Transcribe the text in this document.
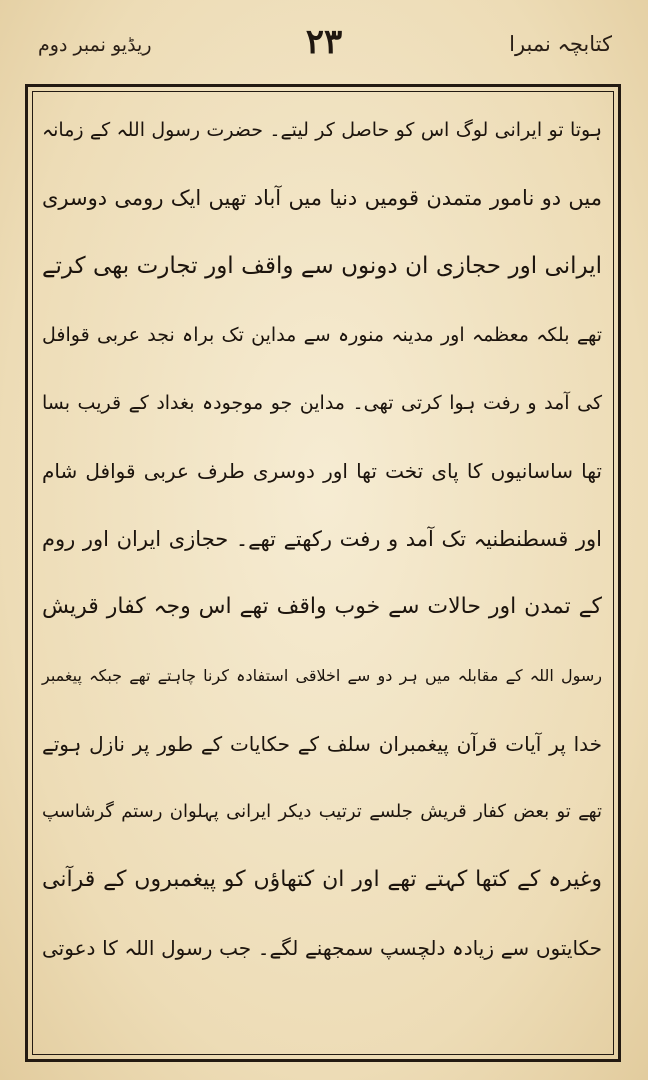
ریڈیو نمبر دوم	۲۳	کتابچہ نمبرا
ہوتا تو ایرانی لوگ اس کو حاصل کر لیتے۔ حضرت رسول اللہ کے زمانہ
میں دو نامور متمدن قومیں دنیا میں آباد تھیں ایک رومی دوسری
ایرانی اور حجازی ان دونوں سے واقف اور تجارت بھی کرتے
تھے بلکہ معظمہ اور مدینہ منورہ سے مداین تک براہ نجد عربی قوافل
کی آمد و رفت ہوا کرتی تھی۔ مداین جو موجودہ بغداد کے قریب بسا
تھا ساسانیوں کا پای تخت تھا اور دوسری طرف عربی قوافل شام
اور قسطنطنیہ تک آمد و رفت رکھتے تھے۔ حجازی ایران اور روم
کے تمدن اور حالات سے خوب واقف تھے اس وجہ کفار قریش
رسول اللہ کے مقابلہ میں ہر دو سے اخلاقی استفادہ کرنا چاہتے تھے جبکہ پیغمبر
خدا پر آیات قرآن پیغمبران سلف کے حکایات کے طور پر نازل ہوتے
تھے تو بعض کفار قریش جلسے ترتیب دیکر ایرانی پہلوان رستم گرشاسپ
وغیرہ کے کتھا کہتے تھے اور ان کتھاؤں کو پیغمبروں کے قرآنی
حکایتوں سے زیادہ دلچسپ سمجھنے لگے۔ جب رسول اللہ کا دعوتی
